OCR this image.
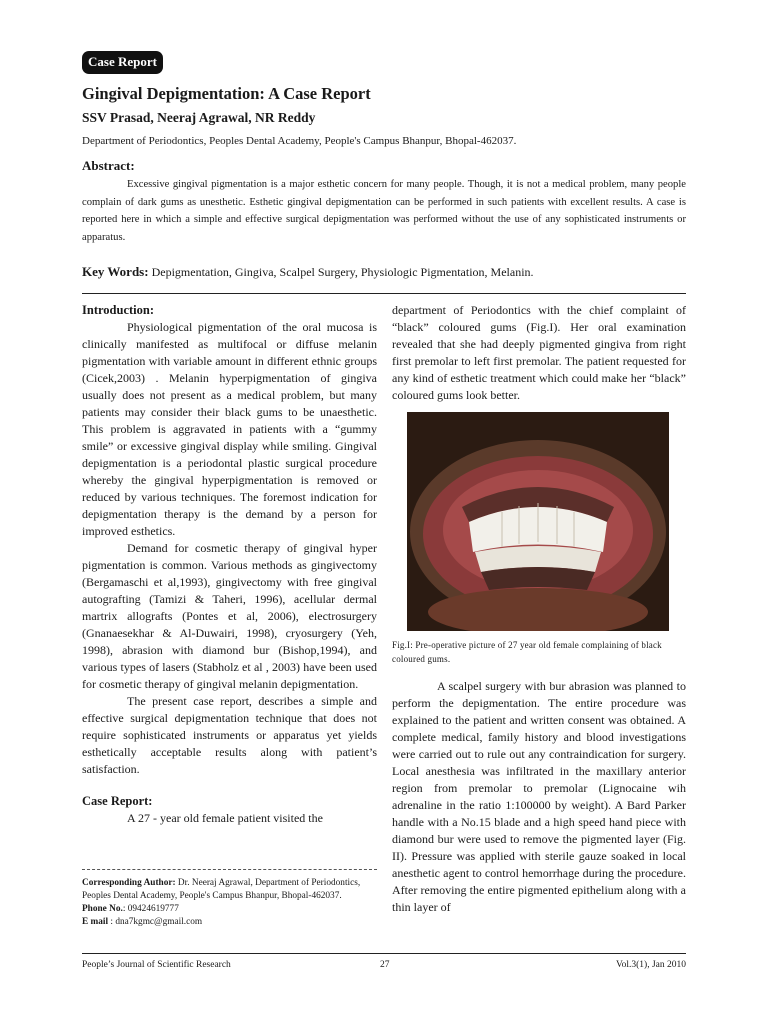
Case Report
Gingival Depigmentation: A Case Report

SSV Prasad, Neeraj Agrawal, NR Reddy

Department of Periodontics, Peoples Dental Academy, People's Campus Bhanpur, Bhopal-462037.

Abstract:

Excessive gingival pigmentation is a major esthetic concern for many people. Though, it is not a medical problem, many people complain of dark gums as unesthetic. Esthetic gingival depigmentation can be performed in such patients with excellent results. A case is reported here in which a simple and effective surgical depigmentation was performed without the use of any sophisticated instruments or apparatus.

Key Words: Depigmentation, Gingiva, Scalpel Surgery, Physiologic Pigmentation, Melanin.

Introduction:

Physiological pigmentation of the oral mucosa is clinically manifested as multifocal or diffuse melanin pigmentation with variable amount in different ethnic groups (Cicek,2003) . Melanin hyperpigmentation of gingiva usually does not present as a medical problem, but many patients may consider their black gums to be unaesthetic. This problem is aggravated in patients with a “gummy smile” or excessive gingival display while smiling. Gingival depigmentation is a periodontal plastic surgical procedure whereby the gingival hyperpigmentation is removed or reduced by various techniques. The foremost indication for depigmentation therapy is the demand by a person for improved esthetics.

Demand for cosmetic therapy of gingival hyper pigmentation is common. Various methods as gingivectomy (Bergamaschi et al,1993), gingivectomy with free gingival autografting (Tamizi & Taheri, 1996), acellular dermal martrix allografts (Pontes et al, 2006), electrosurgery (Gnanaesekhar & Al-Duwairi, 1998), cryosurgery (Yeh, 1998), abrasion with diamond bur (Bishop,1994), and various types of lasers (Stabholz et al , 2003) have been used for cosmetic therapy of gingival melanin depigmentation.

The present case report, describes a simple and effective surgical depigmentation technique that does not require sophisticated instruments or apparatus yet yields esthetically acceptable results along with patient’s satisfaction.

Case Report:

A 27 - year old female patient visited the

department of Periodontics with the chief complaint of “black” coloured gums (Fig.I). Her oral examination revealed that she had deeply pigmented gingiva from right first premolar to left first premolar. The patient requested for any kind of esthetic treatment which could make her “black” coloured gums look better.

Fig.I: Pre-operative picture of 27 year old female complaining of black coloured gums.

A scalpel surgery with bur abrasion was planned to perform the depigmentation. The entire procedure was explained to the patient and written consent was obtained. A complete medical, family history and blood investigations were carried out to rule out any contraindication for surgery. Local anesthesia was infiltrated in the maxillary anterior region from premolar to premolar (Lignocaine wih adrenaline in the ratio 1:100000 by weight). A Bard Parker handle with a No.15 blade and a high speed hand piece with diamond bur were used to remove the pigmented layer (Fig. II). Pressure was applied with sterile gauze soaked in local anesthetic agent to control hemorrhage during the procedure. After removing the entire pigmented epithelium along with a thin layer of

Corresponding Author: Dr. Neeraj Agrawal, Department of Periodontics, Peoples Dental Academy, People's Campus Bhanpur, Bhopal-462037.
Phone No.: 09424619777
E mail : dna7kgmc@gmail.com

People’s Journal of Scientific Research	27	Vol.3(1), Jan 2010
